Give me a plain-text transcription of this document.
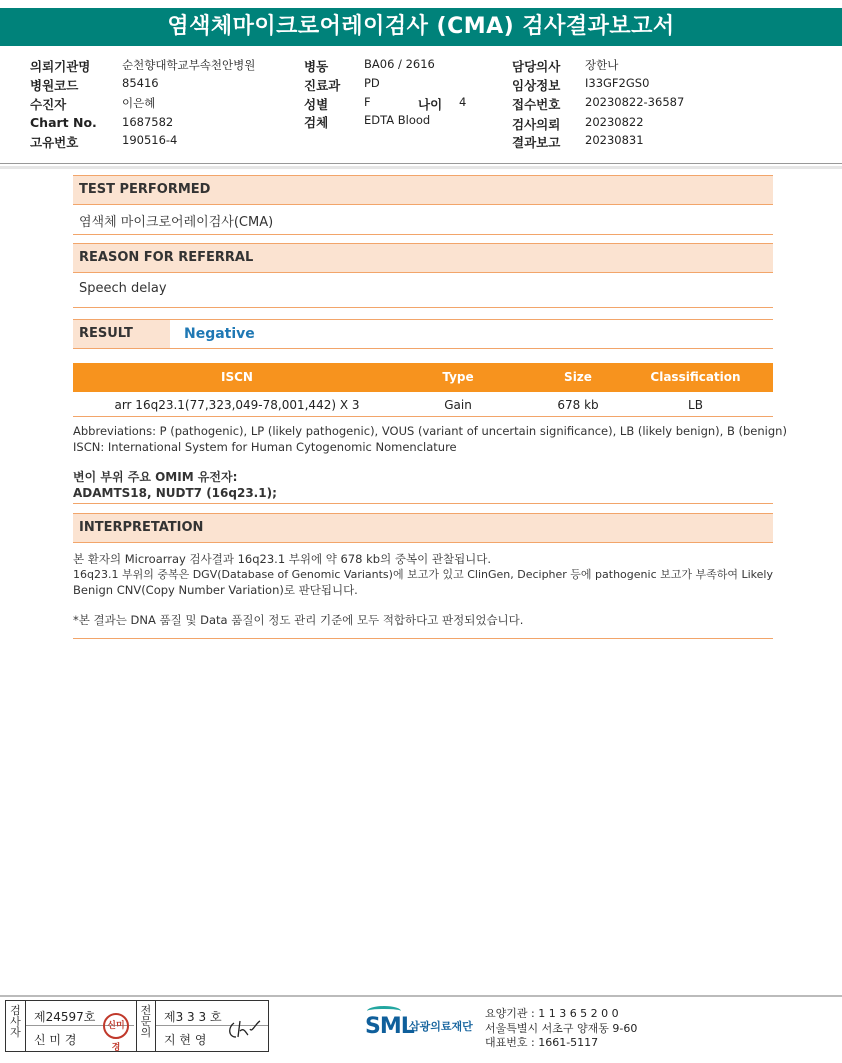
염색체마이크로어레이검사 (CMA) 검사결과보고서
의뢰기관명	순천향대학교부속천안병원
병원코드	85416
수진자	이은혜
Chart No. 1687582
고유번호	190516-4
병동	BA06 / 2616
진료과 PD
성별	F	나이 4
검체	EDTA Blood
담당의사 장한나
임상정보 I33GF2GS0
접수번호 20230822-36587
검사의뢰 20230822
결과보고 20230831
TEST PERFORMED
염색체 마이크로어레이검사(CMA)
REASON FOR REFERRAL
Speech delay
RESULT	Negative
ISCN	Type	Size	Classification
arr 16q23.1(77,323,049-78,001,442) X 3	Gain	678 kb	LB
Abbreviations: P (pathogenic), LP (likely pathogenic), VOUS (variant of uncertain significance), LB (likely benign), B (benign)
ISCN: International System for Human Cytogenomic Nomenclature
변이 부위 주요 OMIM 유전자:
ADAMTS18, NUDT7 (16q23.1);
INTERPRETATION
본 환자의 Microarray 검사결과 16q23.1 부위에 약 678 kb의 중복이 관찰됩니다.
16q23.1 부위의 중복은 DGV(Database of Genomic Variants)에 보고가 있고 ClinGen, Decipher 등에 pathogenic 보고가 부족하여 Likely
Benign CNV(Copy Number Variation)로 판단됩니다.
*본 결과는 DNA 품질 및 Data 품질이 정도 관리 기준에 모두 적합하다고 판정되었습니다.
검사자
제24597호
신 미 경
신미경
전문의
제3 3 3 호
지 현 영
SML
삼광의료재단
요양기관 : 1 1 3 6 5 2 0 0
서울특별시 서초구 양재동 9-60
대표번호 : 1661-5117
